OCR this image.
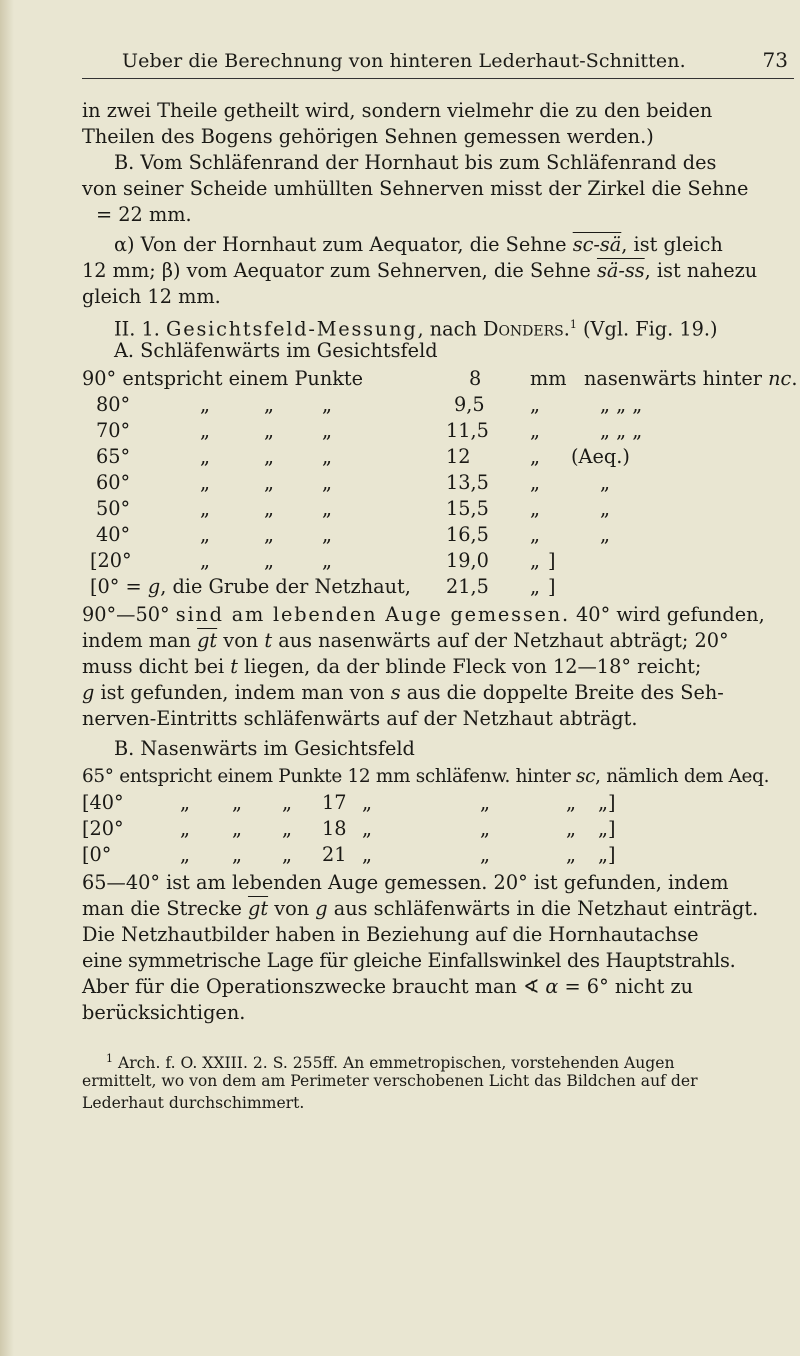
Ueber die Berechnung von hinteren Lederhaut-Schnitten.	73
in zwei Theile getheilt wird, sondern vielmehr die zu den beiden
Theilen des Bogens gehörigen Sehnen gemessen werden.)
B. Vom Schläfenrand der Hornhaut bis zum Schläfenrand des
von seiner Scheide umhüllten Sehnerven misst der Zirkel die Sehne
= 22 mm.
α) Von der Hornhaut zum Aequator, die Sehne sc-sä, ist gleich
12 mm; β) vom Aequator zum Sehnerven, die Sehne sä-ss, ist nahezu
gleich 12 mm.
II. 1. Gesichtsfeld-Messung, nach Donders.$^1$ (Vgl. Fig. 19.)
A. Schläfenwärts im Gesichtsfeld
90° entspricht einem Punkte	8	mm nasenwärts hinter nc.
80°	„	„ „	9,5 „	„ „ „
70°	„	„ „	11,5 „	„ „ „
65°	„	„ „	12	„ (Aeq.)
60°	„	„ „	13,5 „	„
50°	„	„ „	15,5 „	„
40°	„	„ „	16,5 „	„
[20°	„	„ „	19,0 „ ]
[0° = g, die Grube der Netzhaut, 21,5 „ ]
90°—50° sind am lebenden Auge gemessen. 40° wird gefunden,
indem man $\overline{gt}$ von t aus nasenwärts auf der Netzhaut abträgt; 20°
muss dicht bei t liegen, da der blinde Fleck von 12—18° reicht;
g ist gefunden, indem man von s aus die doppelte Breite des Seh-
nerven-Eintritts schläfenwärts auf der Netzhaut abträgt.
B. Nasenwärts im Gesichtsfeld
65° entspricht einem Punkte 12 mm schläfenw. hinter sc, nämlich dem Aeq.
[40°	„ „ „ 17 „	„	„ „]
[20°	„ „ „ 18 „	„	„ „]
[0°	„ „ „ 21 „	„	„ „]
65—40° ist am lebenden Auge gemessen. 20° ist gefunden, indem
man die Strecke $\overline{gt}$ von g aus schläfenwärts in die Netzhaut einträgt.
Die Netzhautbilder haben in Beziehung auf die Hornhautachse
eine symmetrische Lage für gleiche Einfallswinkel des Hauptstrahls.
Aber für die Operationszwecke braucht man ∢ α = 6° nicht zu
berücksichtigen.
$^1$ Arch. f. O. XXIII. 2. S. 255ff. An emmetropischen, vorstehenden Augen
ermittelt, wo von dem am Perimeter verschobenen Licht das Bildchen auf der
Lederhaut durchschimmert.
